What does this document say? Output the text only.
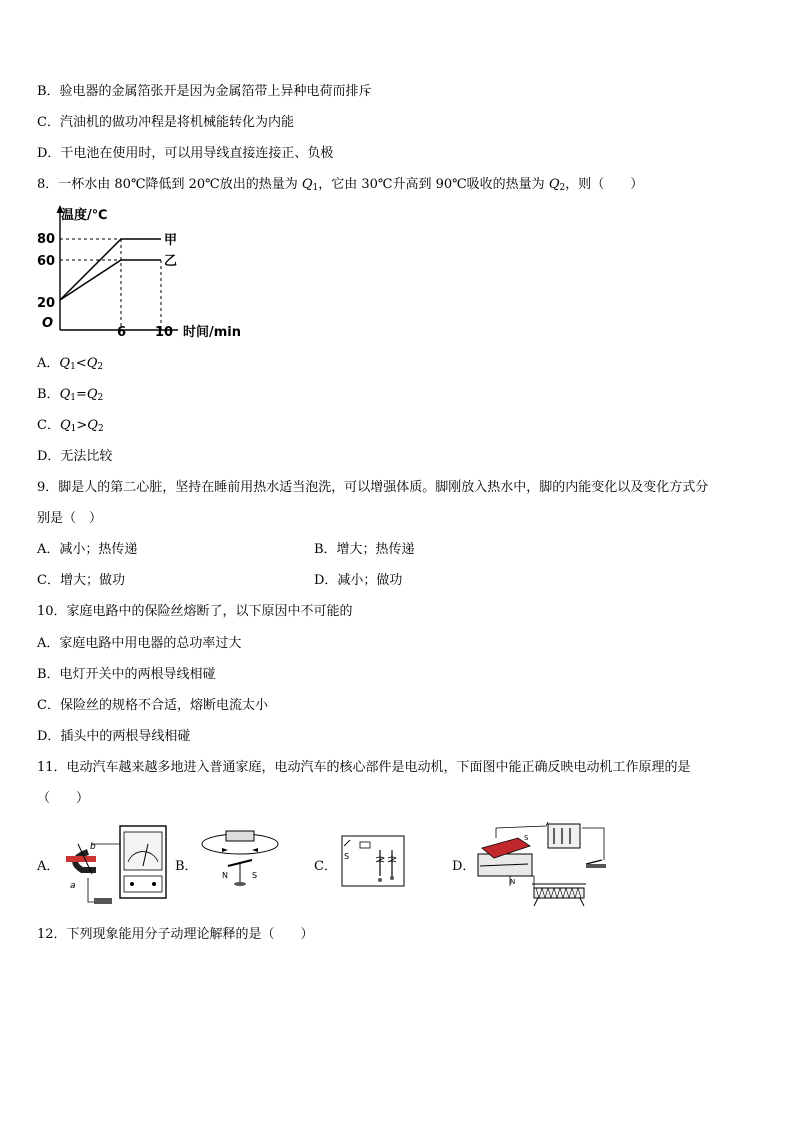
B．验电器的金属箔张开是因为金属箔带上异种电荷而排斥
C．汽油机的做功冲程是将机械能转化为内能
D．干电池在使用时，可以用导线直接连接正、负极
8．一杯水由 80℃降低到 20℃放出的热量为 $Q_1$，它由 30℃升高到 90℃吸收的热量为 $Q_2$，则（　　）
温度/℃
时间/min
O
80
60
20
6 10
甲
乙
A．$Q_1<Q_2$
B．$Q_1=Q_2$
C．$Q_1>Q_2$
D．无法比较
9．脚是人的第二心脏，坚持在睡前用热水适当泡洗，可以增强体质。脚刚放入热水中，脚的内能变化以及变化方式分
别是（　）
A．减小；热传递	B．增大；热传递
C．增大；做功	D．减小；做功
10．家庭电路中的保险丝熔断了，以下原因中不可能的
A．家庭电路中用电器的总功率过大
B．电灯开关中的两根导线相碰
C．保险丝的规格不合适，熔断电流太小
D．插头中的两根导线相碰
11．电动汽车越来越多地进入普通家庭，电动汽车的核心部件是电动机，下面图中能正确反映电动机工作原理的是
（　　）
A．	B．	C．	D．
b
a
N	S
S
S
N
12．下列现象能用分子动理论解释的是（　　）
